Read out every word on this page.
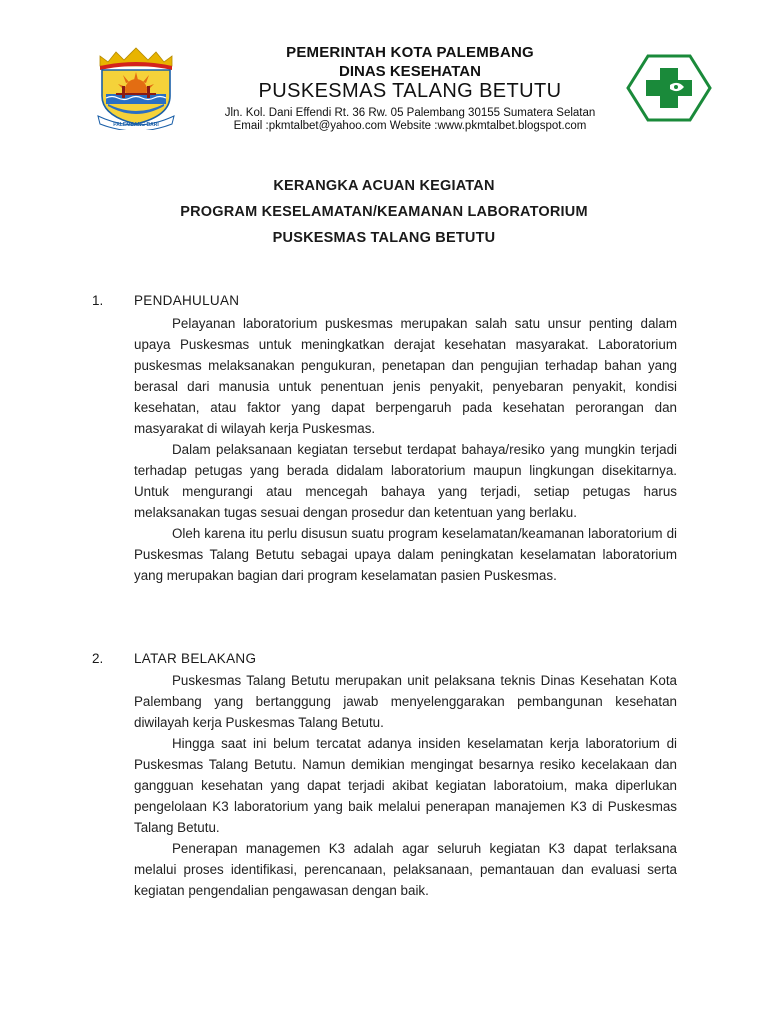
PALEMBANG BARI
PEMERINTAH KOTA PALEMBANG
DINAS KESEHATAN
PUSKESMAS TALANG BETUTU
Jln. Kol. Dani Effendi Rt. 36 Rw. 05 Palembang 30155 Sumatera Selatan
Email :pkmtalbet@yahoo.com Website :www.pkmtalbet.blogspot.com
KERANGKA ACUAN KEGIATAN
PROGRAM KESELAMATAN/KEAMANAN LABORATORIUM
PUSKESMAS TALANG BETUTU
1. PENDAHULUAN

Pelayanan laboratorium puskesmas merupakan salah satu unsur penting dalam upaya Puskesmas untuk meningkatkan derajat kesehatan masyarakat. Laboratorium puskesmas melaksanakan pengukuran, penetapan dan pengujian terhadap bahan yang berasal dari manusia untuk penentuan jenis penyakit, penyebaran penyakit, kondisi kesehatan, atau faktor yang dapat berpengaruh pada kesehatan perorangan dan masyarakat di wilayah kerja Puskesmas.

Dalam pelaksanaan kegiatan tersebut terdapat bahaya/resiko yang mungkin terjadi terhadap petugas yang berada didalam laboratorium maupun lingkungan disekitarnya. Untuk mengurangi atau mencegah bahaya yang terjadi, setiap petugas harus melaksanakan tugas sesuai dengan prosedur dan ketentuan yang berlaku.

Oleh karena itu perlu disusun suatu program keselamatan/keamanan laboratorium di Puskesmas Talang Betutu sebagai upaya dalam peningkatan keselamatan laboratorium yang merupakan bagian dari program keselamatan pasien Puskesmas.

2. LATAR BELAKANG

Puskesmas Talang Betutu merupakan unit pelaksana teknis Dinas Kesehatan Kota Palembang yang bertanggung jawab menyelenggarakan pembangunan kesehatan diwilayah kerja Puskesmas Talang Betutu.

Hingga saat ini belum tercatat adanya insiden keselamatan kerja laboratorium di Puskesmas Talang Betutu. Namun demikian mengingat besarnya resiko kecelakaan dan gangguan kesehatan yang dapat terjadi akibat kegiatan laboratoium, maka diperlukan pengelolaan K3 laboratorium yang baik melalui penerapan manajemen K3 di Puskesmas Talang Betutu.

Penerapan managemen K3 adalah agar seluruh kegiatan K3 dapat terlaksana melalui proses identifikasi, perencanaan, pelaksanaan, pemantauan dan evaluasi serta kegiatan pengendalian pengawasan dengan baik.
